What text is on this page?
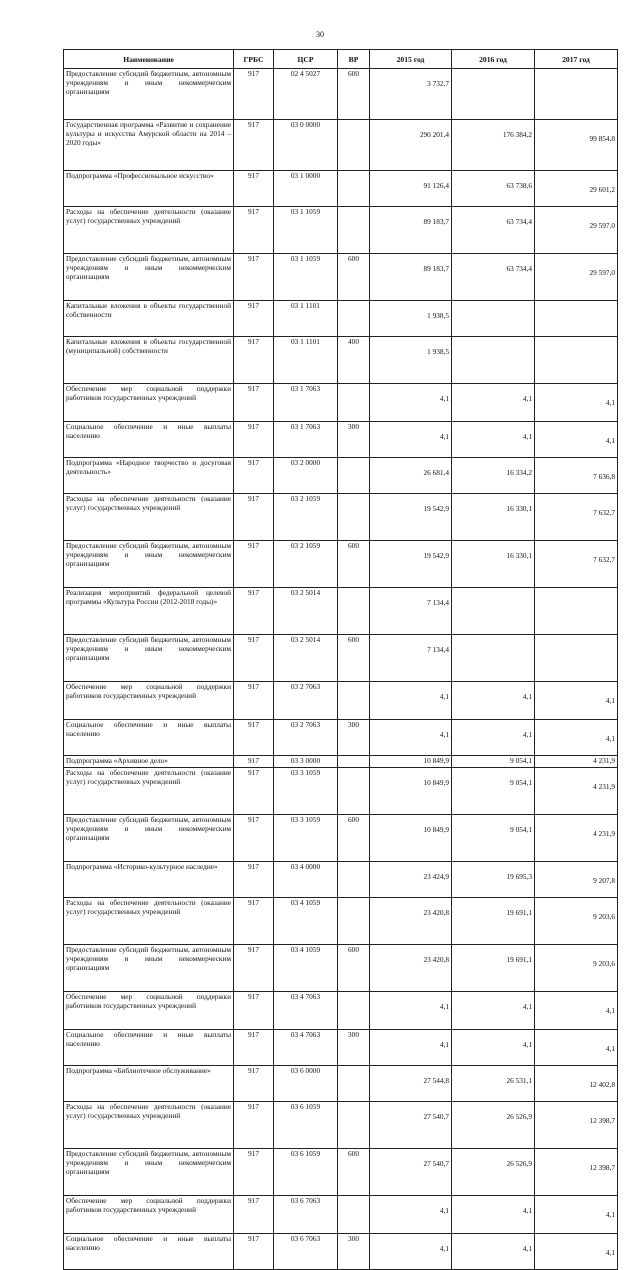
30
Наименование	ГРБС	ЦСР	ВР	2015 год	2016 год	2017 год
Предоставление субсидий бюджетным, автономным учреждениям и иным некоммерческим организациям	917	02 4 5027	600	3 732,7		
Государственная программа «Развитие и сохранение культуры и искусства Амурской области на 2014 – 2020 годы»	917	03 0 0000		290 201,4	176 384,2	99 854,8
Подпрограмма «Профессиональное искусство»	917	03 1 0000		91 126,4	63 738,6	29 601,2
Расходы на обеспечение деятельности (оказание услуг) государственных учреждений	917	03 1 1059		89 183,7	63 734,4	29 597,0
Предоставление субсидий бюджетным, автономным учреждениям и иным некоммерческим организациям	917	03 1 1059	600	89 183,7	63 734,4	29 597,0
Капитальные вложения в объекты государственной собственности	917	03 1 1101		1 938,5		
Капитальные вложения в объекты государственной (муниципальной) собственности	917	03 1 1101	400	1 938,5		
Обеспечение мер социальной поддержки работников государственных учреждений	917	03 1 7063		4,1	4,1	4,1
Социальное обеспечение и иные выплаты населению	917	03 1 7063	300	4,1	4,1	4,1
Подпрограмма «Народное творчество и досуговая деятельность»	917	03 2 0000		26 681,4	16 334,2	7 636,8
Расходы на обеспечение деятельности (оказание услуг) государственных учреждений	917	03 2 1059		19 542,9	16 330,1	7 632,7
Предоставление субсидий бюджетным, автономным учреждениям и иным некоммерческим организациям	917	03 2 1059	600	19 542,9	16 330,1	7 632,7
Реализация мероприятий федеральной целевой программы «Культура России (2012-2018 годы)»	917	03 2 5014		7 134,4		
Предоставление субсидий бюджетным, автономным учреждениям и иным некоммерческим организациям	917	03 2 5014	600	7 134,4		
Обеспечение мер социальной поддержки работников государственных учреждений	917	03 2 7063		4,1	4,1	4,1
Социальное обеспечение и иные выплаты населению	917	03 2 7063	300	4,1	4,1	4,1
Подпрограмма «Архивное дело»	917	03 3 0000		10 849,9	9 054,1	4 231,9
Расходы на обеспечение деятельности (оказание услуг) государственных учреждений	917	03 3 1059		10 849,9	9 054,1	4 231,9
Предоставление субсидий бюджетным, автономным учреждениям и иным некоммерческим организациям	917	03 3 1059	600	10 849,9	9 054,1	4 231,9
Подпрограмма «Историко-культурное наследие»	917	03 4 0000		23 424,9	19 695,3	9 207,8
Расходы на обеспечение деятельности (оказание услуг) государственных учреждений	917	03 4 1059		23 420,8	19 691,1	9 203,6
Предоставление субсидий бюджетным, автономным учреждениям и иным некоммерческим организациям	917	03 4 1059	600	23 420,8	19 691,1	9 203,6
Обеспечение мер социальной поддержки работников государственных учреждений	917	03 4 7063		4,1	4,1	4,1
Социальное обеспечение и иные выплаты населению	917	03 4 7063	300	4,1	4,1	4,1
Подпрограмма «Библиотечное обслуживание»	917	03 6 0000		27 544,8	26 531,1	12 402,8
Расходы на обеспечение деятельности (оказание услуг) государственных учреждений	917	03 6 1059		27 540,7	26 526,9	12 398,7
Предоставление субсидий бюджетным, автономным учреждениям и иным некоммерческим организациям	917	03 6 1059	600	27 540,7	26 526,9	12 398,7
Обеспечение мер социальной поддержки работников государственных учреждений	917	03 6 7063		4,1	4,1	4,1
Социальное обеспечение и иные выплаты населению	917	03 6 7063	300	4,1	4,1	4,1
